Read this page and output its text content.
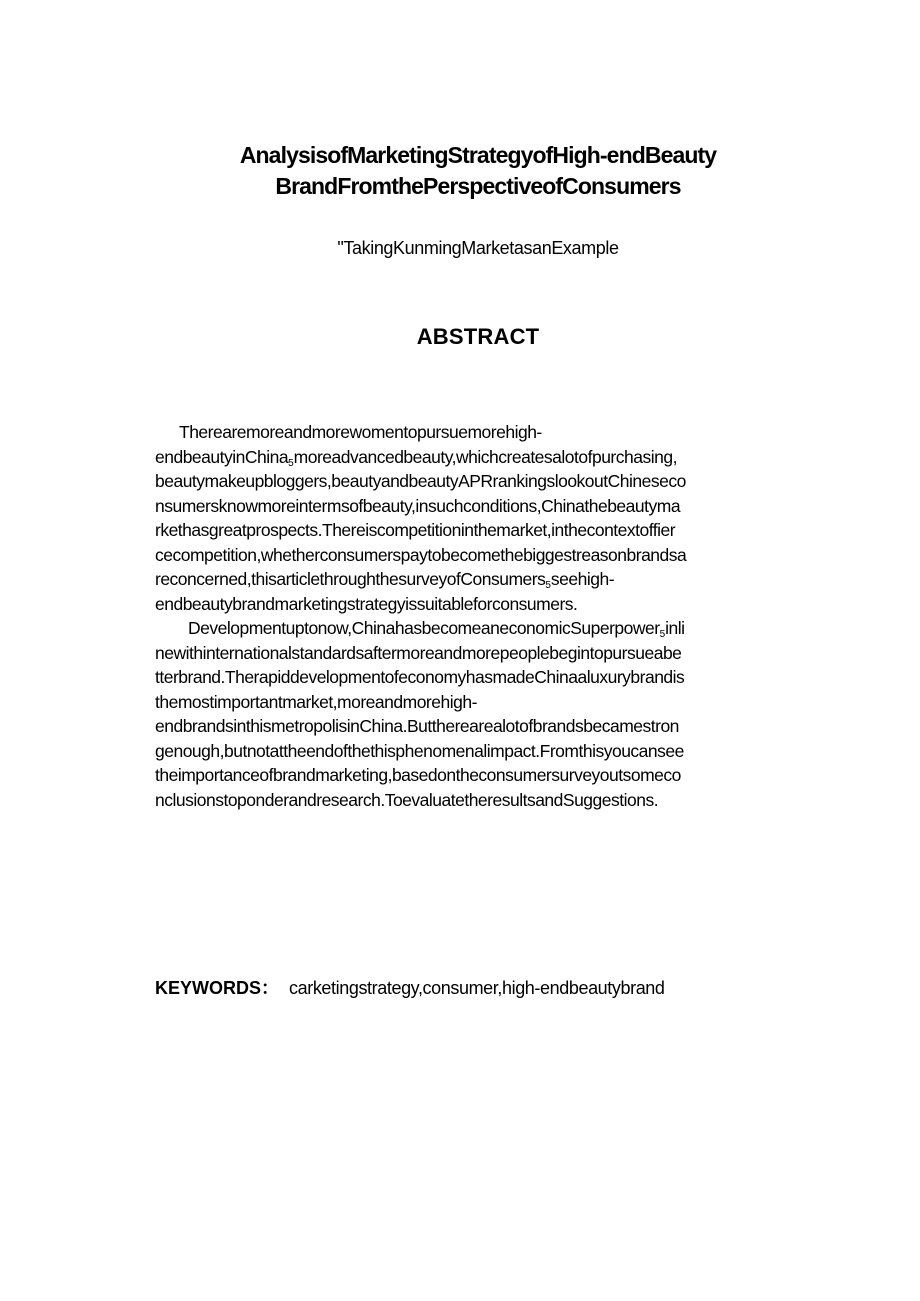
AnalysisofMarketingStrategyofHigh-endBeauty
BrandFromthePerspectiveofConsumers
"TakingKunmingMarketasanExample
ABSTRACT
Therearemoreandmorewomentopursuemorehigh-
endbeautyinChina$_5$moreadvancedbeauty,whichcreatesalotofpurchasing,
beautymakeupbloggers,beautyandbeautyAPRrankingslookoutChineseco
nsumersknowmoreintermsofbeauty,insuchconditions,Chinathebeautyma
rkethasgreatprospects.Thereiscompetitioninthemarket,inthecontextoffier
cecompetition,whetherconsumerspaytobecomethebiggestreasonbrandsa
reconcerned,thisarticlethroughthesurveyofConsumers$_5$seehigh-
endbeautybrandmarketingstrategyissuitableforconsumers.
Developmentuptonow,ChinahasbecomeaneconomicSuperpower$_5$inli
newithinternationalstandardsaftermoreandmorepeoplebegintopursueabe
tterbrand.TherapiddevelopmentofeconomyhasmadeChinaaluxurybrandis
themostimportantmarket,moreandmorehigh-
endbrandsinthismetropolisinChina.Buttherearealotofbrandsbecamestron
genough,butnotattheendofthethisphenomenalimpact.Fromthisyoucansee
theimportanceofbrandmarketing,basedontheconsumersurveyoutsomeco
nclusionstoponderandresearch.ToevaluatetheresultsandSuggestions.
KEYWORDS： carketingstrategy,consumer,high-endbeautybrand
